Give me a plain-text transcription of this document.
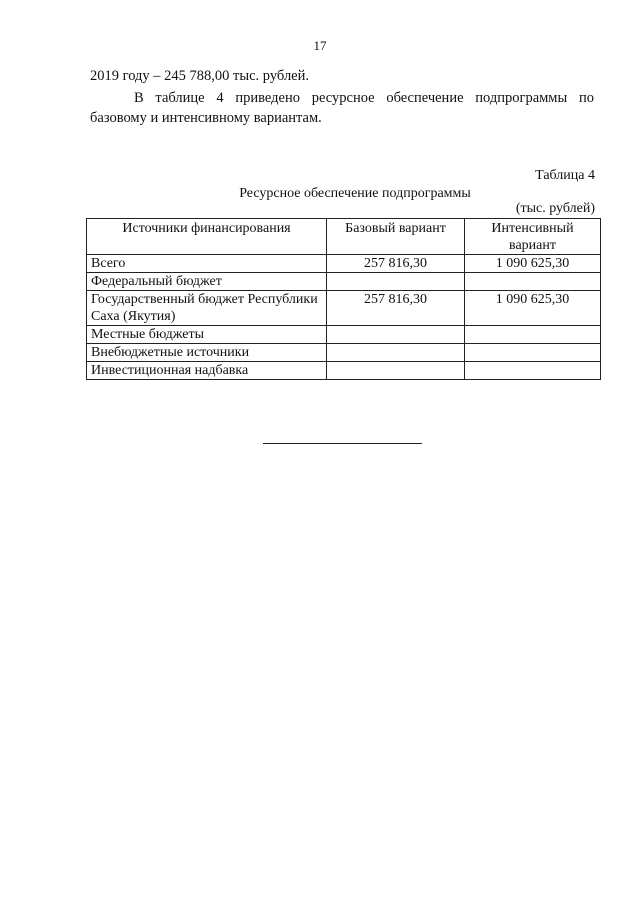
17
2019 году – 245 788,00 тыс. рублей.
В таблице 4 приведено ресурсное обеспечение подпрограммы по базовому и интенсивному вариантам.
Таблица 4
Ресурсное обеспечение подпрограммы
(тыс. рублей)
Источники финансирования	Базовый вариант	Интенсивный вариант
Всего	257 816,30	1 090 625,30
Федеральный бюджет		
Государственный бюджет Республики Саха (Якутия)	257 816,30	1 090 625,30
Местные бюджеты		
Внебюджетные источники		
Инвестиционная надбавка		
